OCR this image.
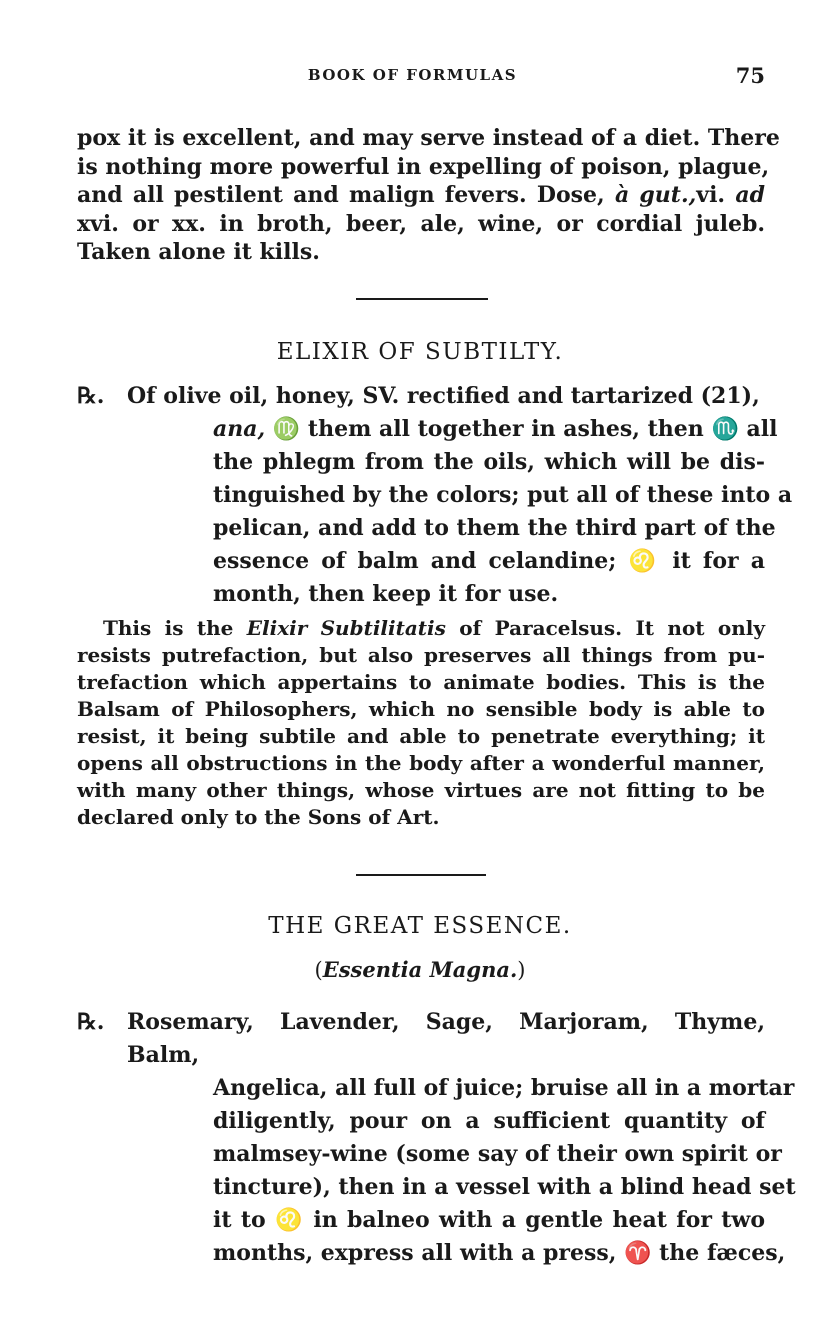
BOOK OF FORMULAS	75
pox it is excellent, and may serve instead of a diet. There
is nothing more powerful in expelling of poison, plague,
and all pestilent and malign fevers. Dose, à gut.,vi. ad
xvi. or xx. in broth, beer, ale, wine, or cordial juleb.
Taken alone it kills.
ELIXIR OF SUBTILTY.
℞.	Of olive oil, honey, SV. rectified and tartarized (21),
ana, ♍ them all together in ashes, then ♏ all
the phlegm from the oils, which will be dis-
tinguished by the colors; put all of these into a
pelican, and add to them the third part of the
essence of balm and celandine; ♌ it for a
month, then keep it for use.
This is the Elixir Subtilitatis of Paracelsus. It not only
resists putrefaction, but also preserves all things from pu-
trefaction which appertains to animate bodies. This is the
Balsam of Philosophers, which no sensible body is able to
resist, it being subtile and able to penetrate everything; it
opens all obstructions in the body after a wonderful manner,
with many other things, whose virtues are not fitting to be
declared only to the Sons of Art.
THE GREAT ESSENCE.
(Essentia Magna.)
℞.	Rosemary, Lavender, Sage, Marjoram, Thyme, Balm,
Angelica, all full of juice; bruise all in a mortar
diligently, pour on a sufficient quantity of
malmsey-wine (some say of their own spirit or
tincture), then in a vessel with a blind head set
it to ♌ in balneo with a gentle heat for two
months, express all with a press, ♈ the fæces,
